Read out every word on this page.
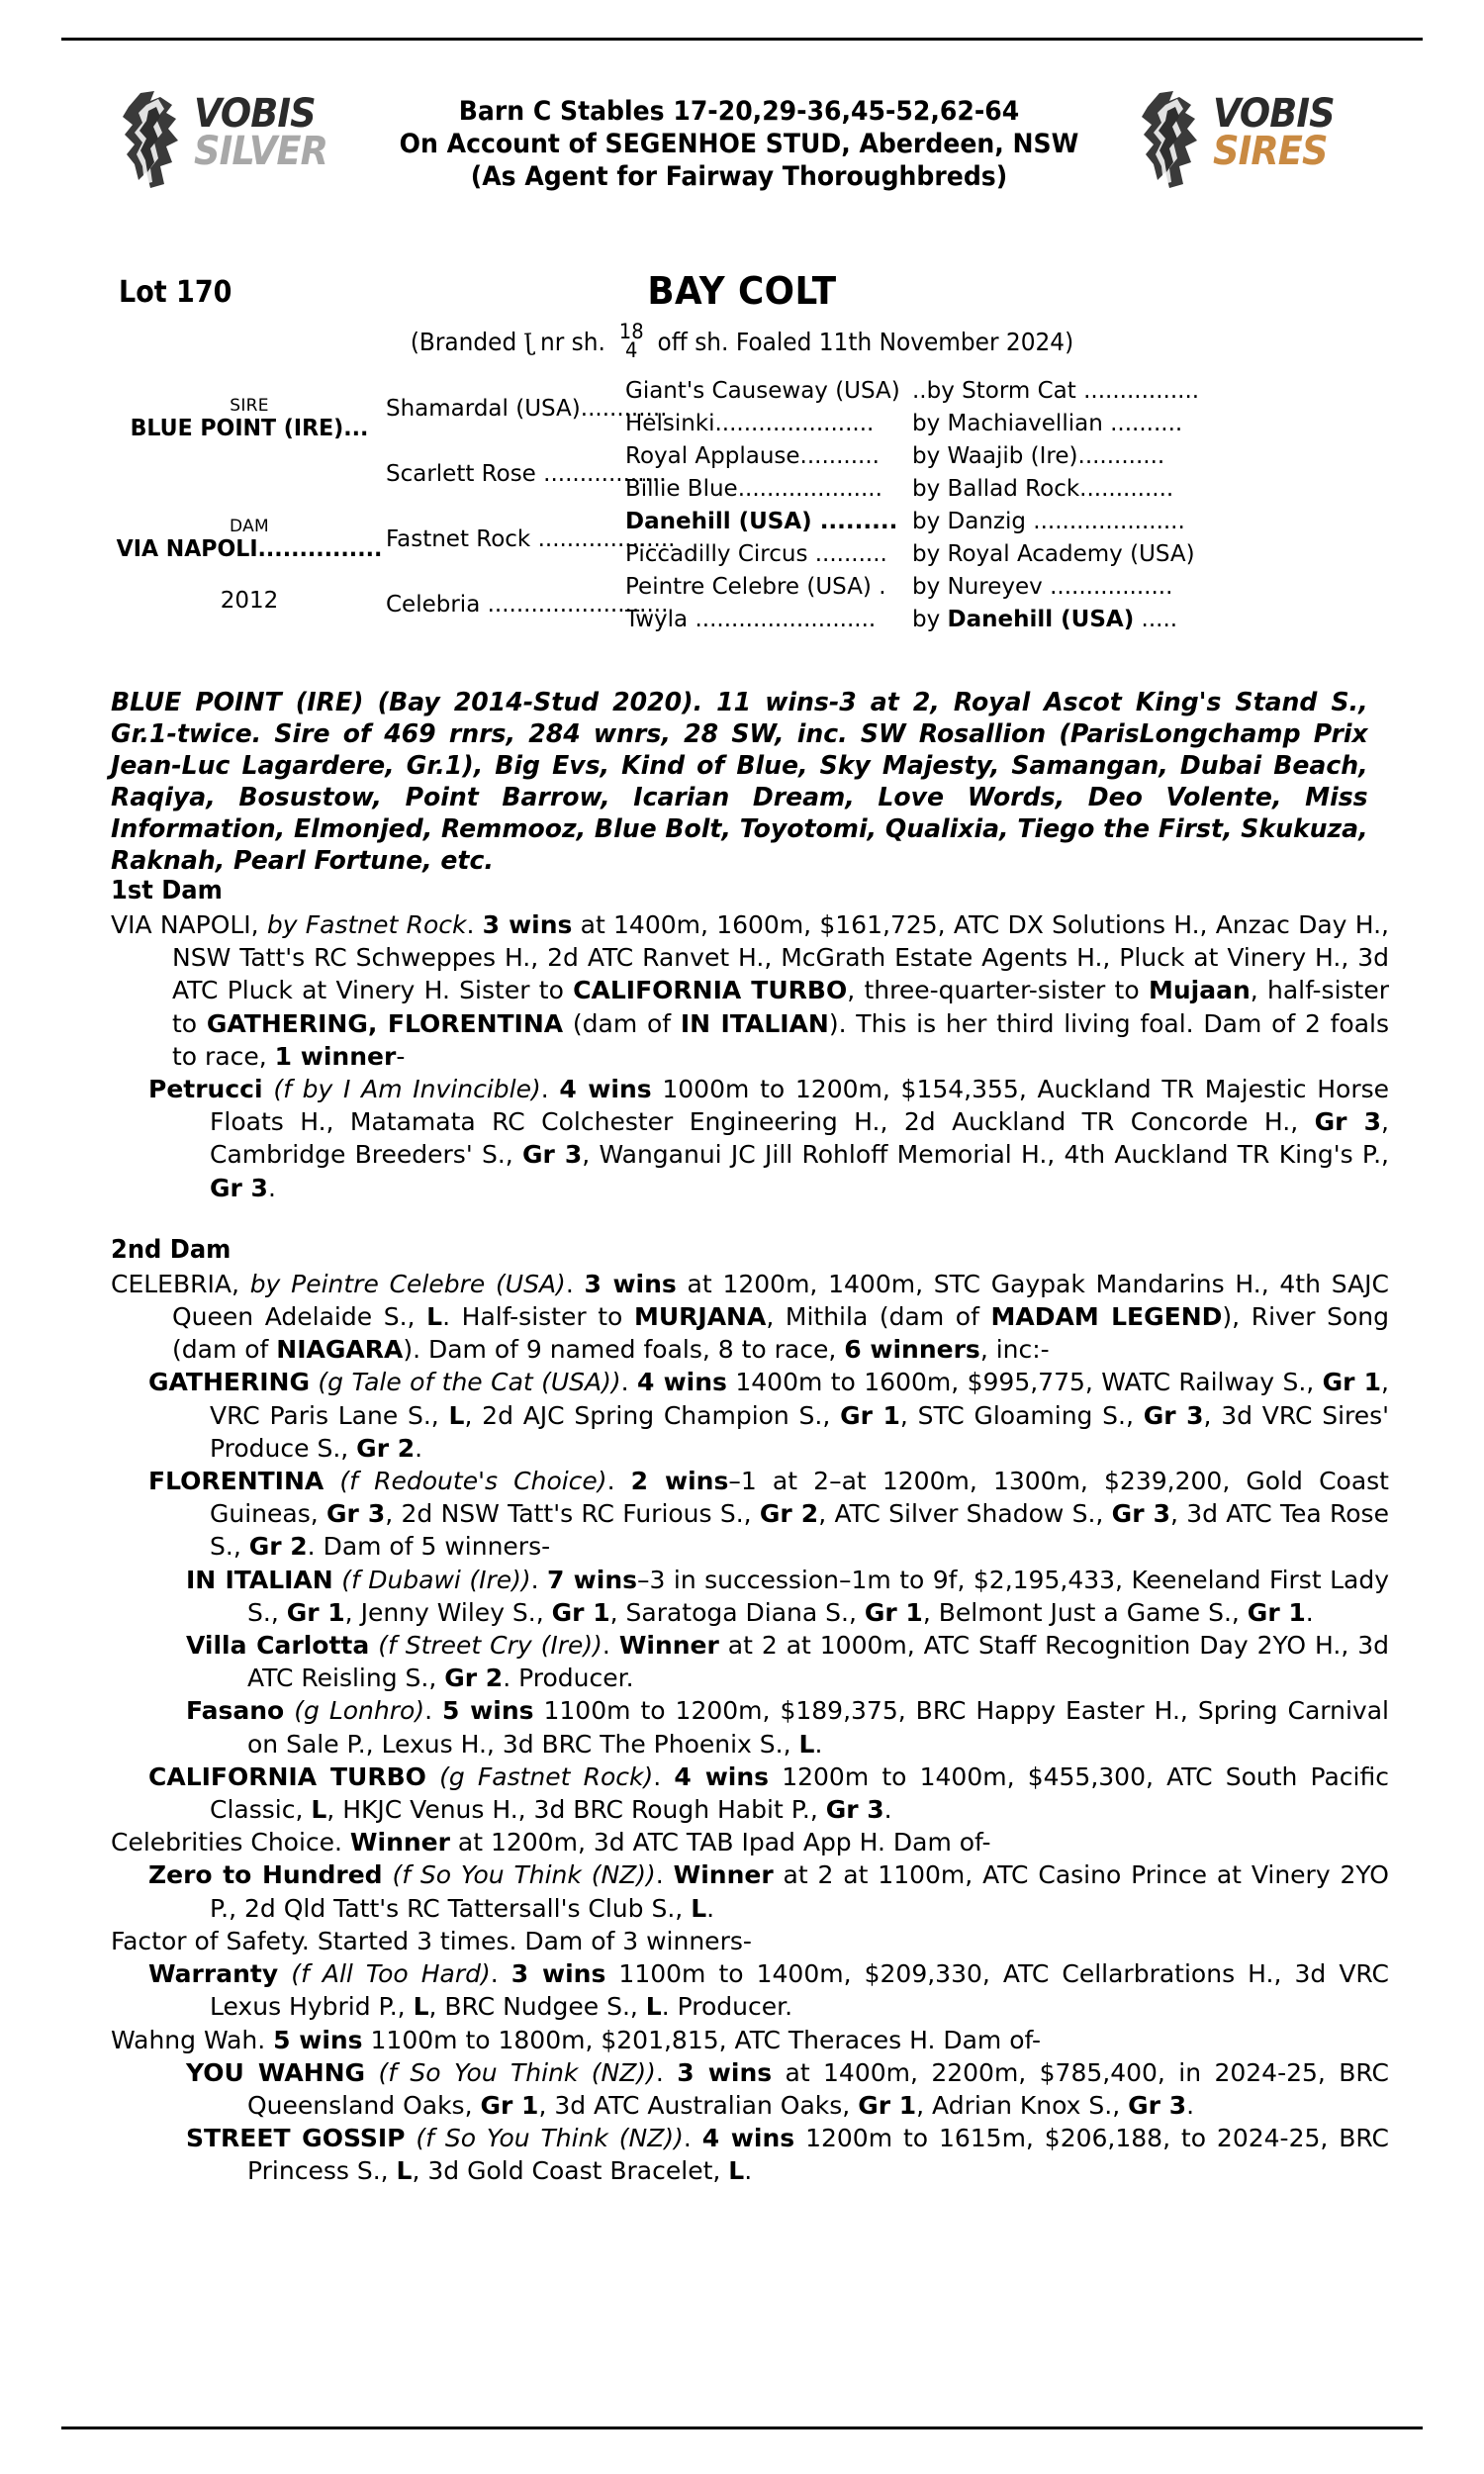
VOBIS
SILVER
Barn C Stables 17-20,29-36,45-52,62-64
On Account of SEGENHOE STUD, Aberdeen, NSW
(As Agent for Fairway Thoroughbreds)
VOBIS
SIRES
Lot 170	BAY COLT
(Branded J nr sh. 18
4 off sh. Foaled 11th November 2024)
SIRE
BLUE POINT (IRE)...
DAM
VIA NAPOLI...............
2012
Shamardal (USA)............
Scarlett Rose .................
Fastnet Rock ...................
Celebria .........................
Giant's Causeway (USA)
Helsinki......................
Royal Applause...........
Billie Blue....................
Danehill (USA) .........
Piccadilly Circus ..........
Peintre Celebre (USA) .
Twyla .........................
..by Storm Cat ................
by Machiavellian ..........
by Waajib (Ire)............
by Ballad Rock.............
by Danzig .....................
by Royal Academy (USA)
by Nureyev .................
by Danehill (USA) .....
BLUE POINT (IRE) (Bay 2014-Stud 2020). 11 wins-3 at 2, Royal Ascot King's Stand S., Gr.1-twice. Sire of 469 rnrs, 284 wnrs, 28 SW, inc. SW Rosallion (ParisLongchamp Prix Jean-Luc Lagardere, Gr.1), Big Evs, Kind of Blue, Sky Majesty, Samangan, Dubai Beach, Raqiya, Bosustow, Point Barrow, Icarian Dream, Love Words, Deo Volente, Miss Information, Elmonjed, Remmooz, Blue Bolt, Toyotomi, Qualixia, Tiego the First, Skukuza, Raknah, Pearl Fortune, etc.
1st Dam

VIA NAPOLI, by Fastnet Rock. 3 wins at 1400m, 1600m, $161,725, ATC DX Solutions H., Anzac Day H., NSW Tatt's RC Schweppes H., 2d ATC Ranvet H., McGrath Estate Agents H., Pluck at Vinery H., 3d ATC Pluck at Vinery H. Sister to CALIFORNIA TURBO, three-quarter-sister to Mujaan, half-sister to GATHERING, FLORENTINA (dam of IN ITALIAN). This is her third living foal. Dam of 2 foals to race, 1 winner-

Petrucci (f by I Am Invincible). 4 wins 1000m to 1200m, $154,355, Auckland TR Majestic Horse Floats H., Matamata RC Colchester Engineering H., 2d Auckland TR Concorde H., Gr 3, Cambridge Breeders' S., Gr 3, Wanganui JC Jill Rohloff Memorial H., 4th Auckland TR King's P., Gr 3.

2nd Dam

CELEBRIA, by Peintre Celebre (USA). 3 wins at 1200m, 1400m, STC Gaypak Mandarins H., 4th SAJC Queen Adelaide S., L. Half-sister to MURJANA, Mithila (dam of MADAM LEGEND), River Song (dam of NIAGARA). Dam of 9 named foals, 8 to race, 6 winners, inc:-

GATHERING (g Tale of the Cat (USA)). 4 wins 1400m to 1600m, $995,775, WATC Railway S., Gr 1, VRC Paris Lane S., L, 2d AJC Spring Champion S., Gr 1, STC Gloaming S., Gr 3, 3d VRC Sires' Produce S., Gr 2.

FLORENTINA (f Redoute's Choice). 2 wins–1 at 2–at 1200m, 1300m, $239,200, Gold Coast Guineas, Gr 3, 2d NSW Tatt's RC Furious S., Gr 2, ATC Silver Shadow S., Gr 3, 3d ATC Tea Rose S., Gr 2. Dam of 5 winners-

IN ITALIAN (f Dubawi (Ire)). 7 wins–3 in succession–1m to 9f, $2,195,433, Keeneland First Lady S., Gr 1, Jenny Wiley S., Gr 1, Saratoga Diana S., Gr 1, Belmont Just a Game S., Gr 1.

Villa Carlotta (f Street Cry (Ire)). Winner at 2 at 1000m, ATC Staff Recognition Day 2YO H., 3d ATC Reisling S., Gr 2. Producer.

Fasano (g Lonhro). 5 wins 1100m to 1200m, $189,375, BRC Happy Easter H., Spring Carnival on Sale P., Lexus H., 3d BRC The Phoenix S., L.

CALIFORNIA TURBO (g Fastnet Rock). 4 wins 1200m to 1400m, $455,300, ATC South Pacific Classic, L, HKJC Venus H., 3d BRC Rough Habit P., Gr 3.

Celebrities Choice. Winner at 1200m, 3d ATC TAB Ipad App H. Dam of-

Zero to Hundred (f So You Think (NZ)). Winner at 2 at 1100m, ATC Casino Prince at Vinery 2YO P., 2d Qld Tatt's RC Tattersall's Club S., L.

Factor of Safety. Started 3 times. Dam of 3 winners-

Warranty (f All Too Hard). 3 wins 1100m to 1400m, $209,330, ATC Cellarbrations H., 3d VRC Lexus Hybrid P., L, BRC Nudgee S., L. Producer.

Wahng Wah. 5 wins 1100m to 1800m, $201,815, ATC Theraces H. Dam of-

YOU WAHNG (f So You Think (NZ)). 3 wins at 1400m, 2200m, $785,400, in 2024-25, BRC Queensland Oaks, Gr 1, 3d ATC Australian Oaks, Gr 1, Adrian Knox S., Gr 3.

STREET GOSSIP (f So You Think (NZ)). 4 wins 1200m to 1615m, $206,188, to 2024-25, BRC Princess S., L, 3d Gold Coast Bracelet, L.
